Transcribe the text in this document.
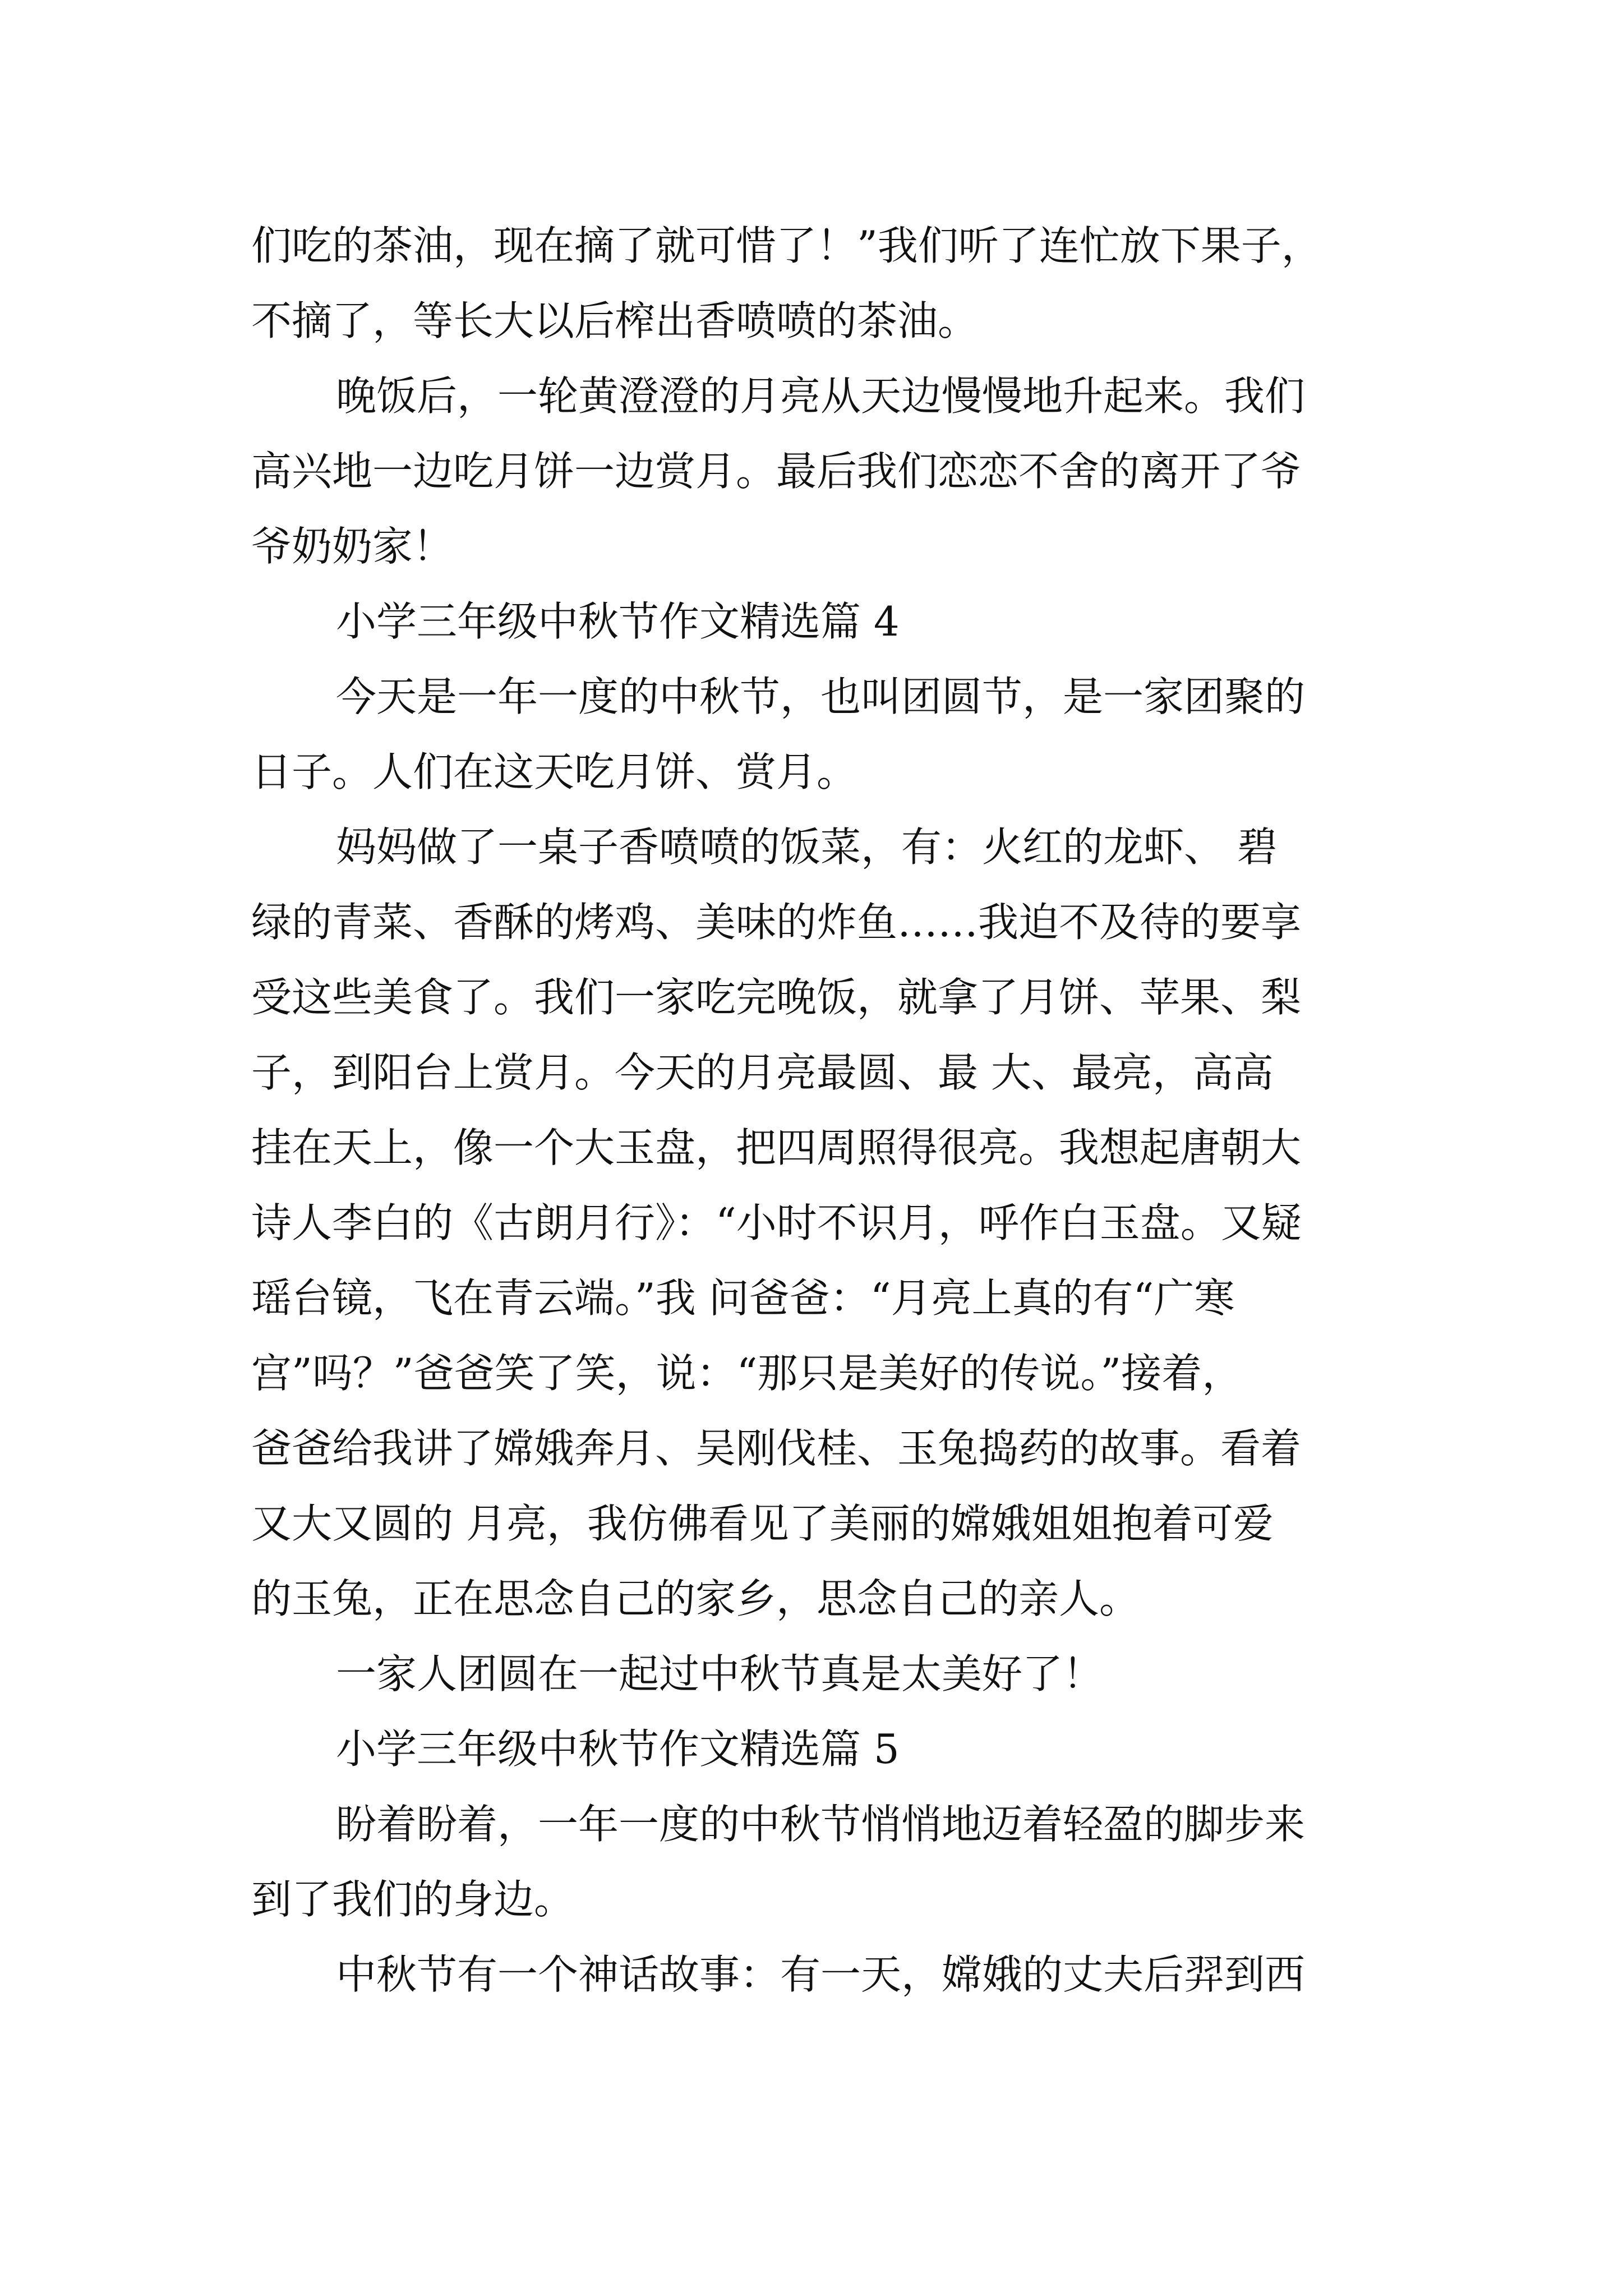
们吃的茶油，现在摘了就可惜了！”我们听了连忙放下果子，
不摘了，等长大以后榨出香喷喷的茶油。
晚饭后，一轮黄澄澄的月亮从天边慢慢地升起来。我们
高兴地一边吃月饼一边赏月。最后我们恋恋不舍的离开了爷
爷奶奶家！
小学三年级中秋节作文精选篇 4
今天是一年一度的中秋节，也叫团圆节，是一家团聚的
日子。人们在这天吃月饼、赏月。
妈妈做了一桌子香喷喷的饭菜，有：火红的龙虾、 碧
绿的青菜、香酥的烤鸡、美味的炸鱼……我迫不及待的要享
受这些美食了。我们一家吃完晚饭，就拿了月饼、苹果、梨
子，到阳台上赏月。今天的月亮最圆、最 大、最亮，高高
挂在天上，像一个大玉盘，把四周照得很亮。我想起唐朝大
诗人李白的《古朗月行》：“小时不识月，呼作白玉盘。又疑
瑶台镜，飞在青云端。”我 问爸爸：“月亮上真的有“广寒
宫”吗？”爸爸笑了笑，说：“那只是美好的传说。”接着，
爸爸给我讲了嫦娥奔月、吴刚伐桂、玉兔捣药的故事。看着
又大又圆的 月亮，我仿佛看见了美丽的嫦娥姐姐抱着可爱
的玉兔，正在思念自己的家乡，思念自己的亲人。
一家人团圆在一起过中秋节真是太美好了！
小学三年级中秋节作文精选篇 5
盼着盼着，一年一度的中秋节悄悄地迈着轻盈的脚步来
到了我们的身边。
中秋节有一个神话故事：有一天，嫦娥的丈夫后羿到西
